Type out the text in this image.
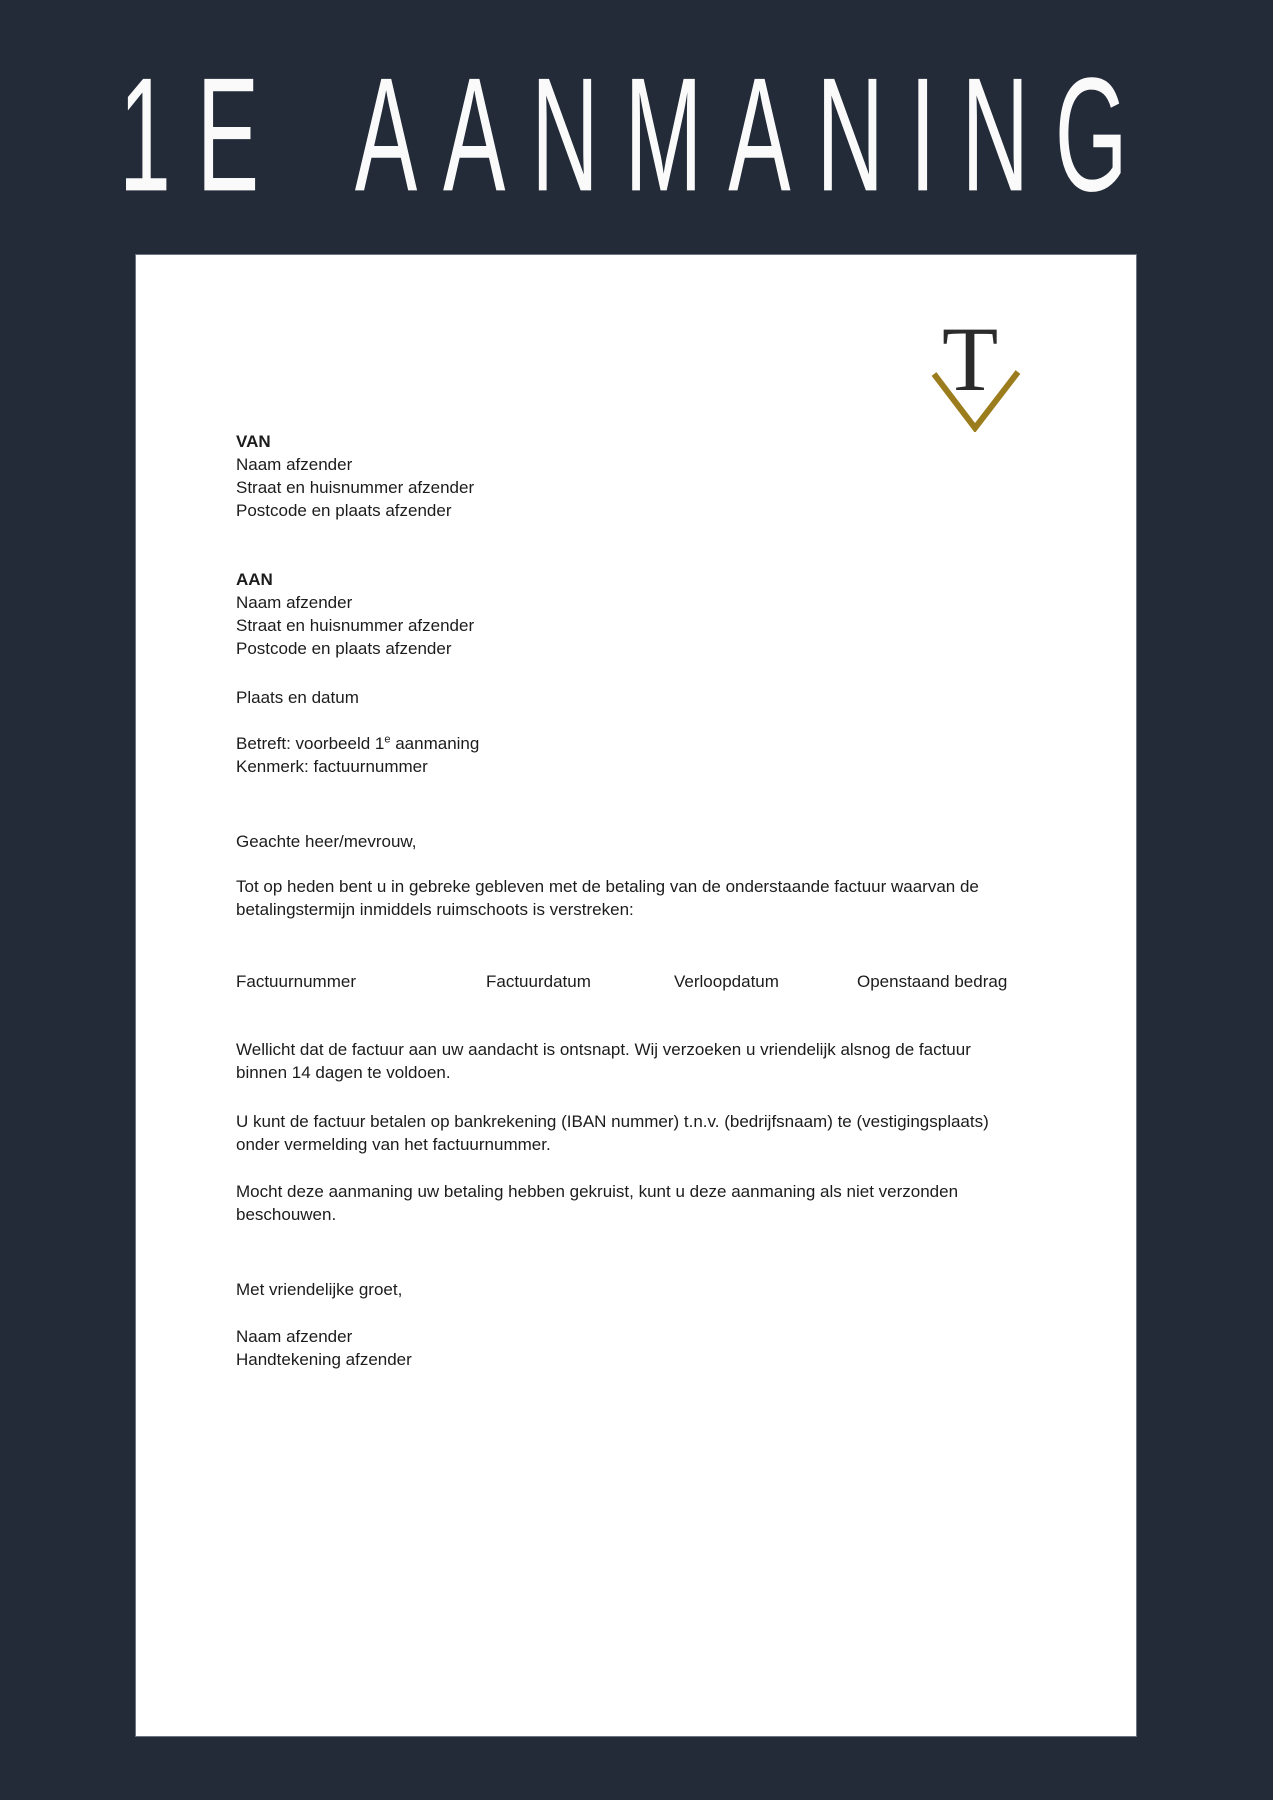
1E AANMANING
T
VAN
Naam afzender
Straat en huisnummer afzender
Postcode en plaats afzender
AAN
Naam afzender
Straat en huisnummer afzender
Postcode en plaats afzender
Plaats en datum
Betreft: voorbeeld 1e aanmaning
Kenmerk: factuurnummer
Geachte heer/mevrouw,
Tot op heden bent u in gebreke gebleven met de betaling van de onderstaande factuur waarvan de
betalingstermijn inmiddels ruimschoots is verstreken:
Factuurnummer	Factuurdatum	Verloopdatum	Openstaand bedrag
Wellicht dat de factuur aan uw aandacht is ontsnapt. Wij verzoeken u vriendelijk alsnog de factuur
binnen 14 dagen te voldoen.
U kunt de factuur betalen op bankrekening (IBAN nummer) t.n.v. (bedrijfsnaam) te (vestigingsplaats)
onder vermelding van het factuurnummer.
Mocht deze aanmaning uw betaling hebben gekruist, kunt u deze aanmaning als niet verzonden
beschouwen.
Met vriendelijke groet,
Naam afzender
Handtekening afzender
